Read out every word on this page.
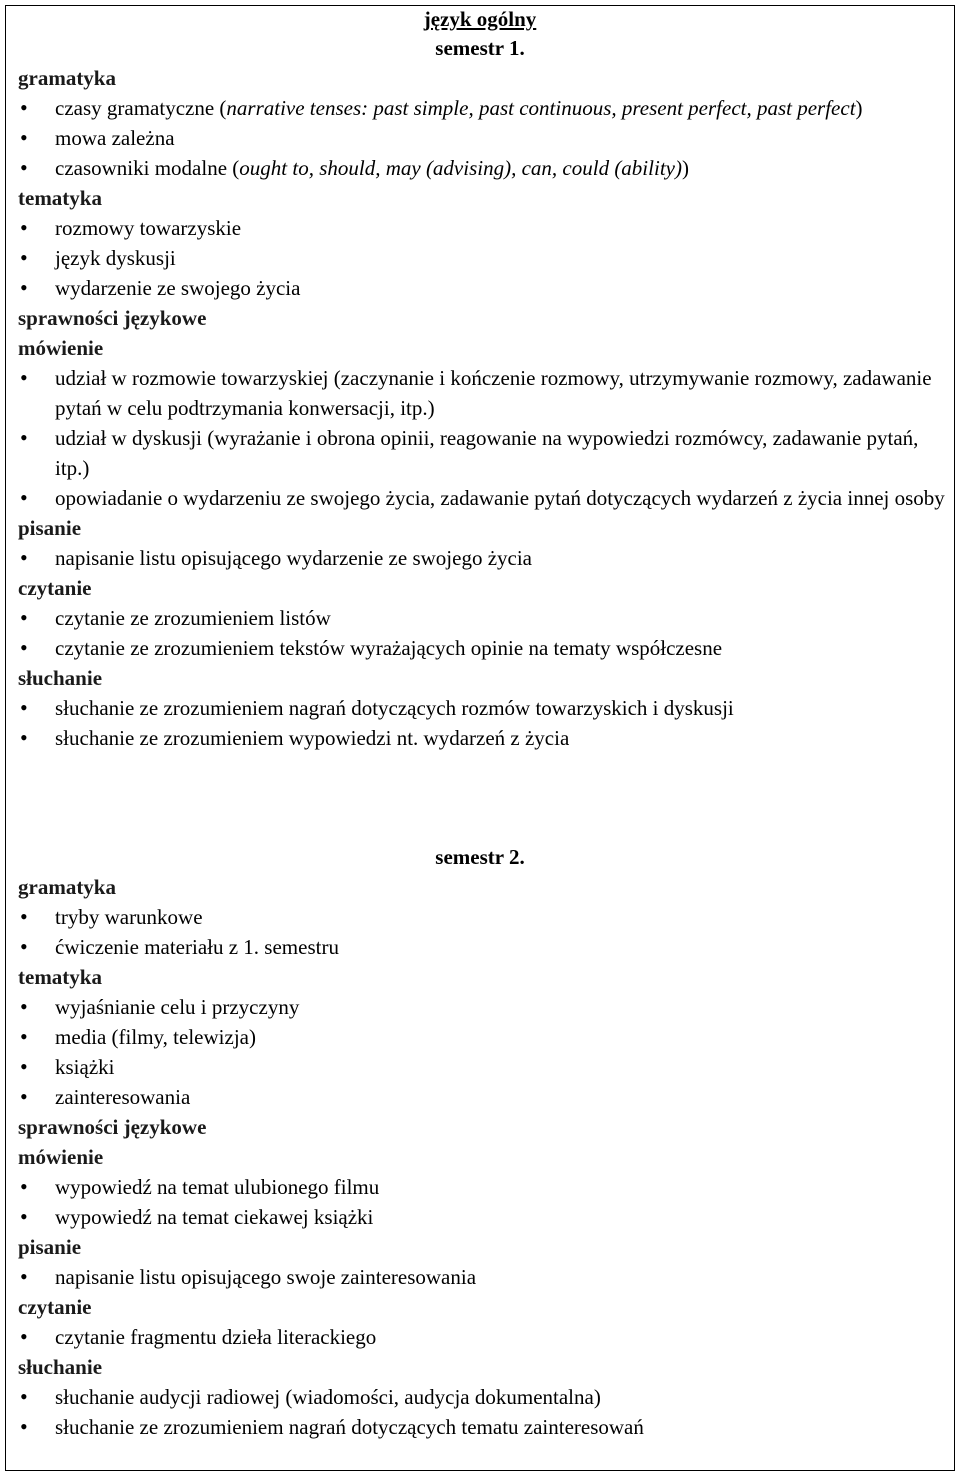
język ogólny
semestr 1.
gramatyka
• czasy gramatyczne (narrative tenses: past simple, past continuous, present perfect, past perfect)
• mowa zależna
• czasowniki modalne (ought to, should, may (advising), can, could (ability))
tematyka
• rozmowy towarzyskie
• język dyskusji
• wydarzenie ze swojego życia
sprawności językowe
mówienie
• udział w rozmowie towarzyskiej (zaczynanie i kończenie rozmowy, utrzymywanie rozmowy, zadawanie pytań w celu podtrzymania konwersacji, itp.)
• udział w dyskusji (wyrażanie i obrona opinii, reagowanie na wypowiedzi rozmówcy, zadawanie pytań, itp.)
• opowiadanie o wydarzeniu ze swojego życia, zadawanie pytań dotyczących wydarzeń z życia innej osoby
pisanie
• napisanie listu opisującego wydarzenie ze swojego życia
czytanie
• czytanie ze zrozumieniem listów
• czytanie ze zrozumieniem tekstów wyrażających opinie na tematy współczesne
słuchanie
• słuchanie ze zrozumieniem nagrań dotyczących rozmów towarzyskich i dyskusji
• słuchanie ze zrozumieniem wypowiedzi nt. wydarzeń z życia
semestr 2.
gramatyka
• tryby warunkowe
• ćwiczenie materiału z 1. semestru
tematyka
• wyjaśnianie celu i przyczyny
• media (filmy, telewizja)
• książki
• zainteresowania
sprawności językowe
mówienie
• wypowiedź na temat ulubionego filmu
• wypowiedź na temat ciekawej książki
pisanie
• napisanie listu opisującego swoje zainteresowania
czytanie
• czytanie fragmentu dzieła literackiego
słuchanie
• słuchanie audycji radiowej (wiadomości, audycja dokumentalna)
• słuchanie ze zrozumieniem nagrań dotyczących tematu zainteresowań
